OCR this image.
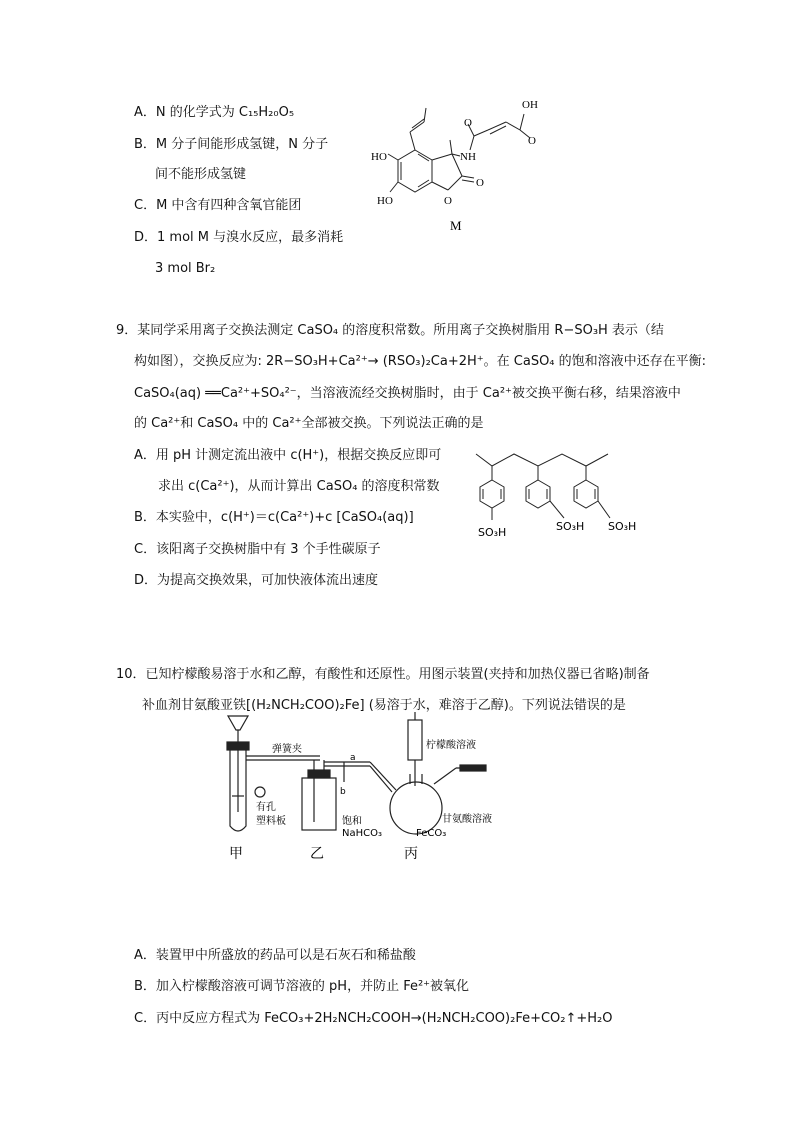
A．N 的化学式为 C₁₅H₂₀O₅
B．M 分子间能形成氢键，N 分子
间不能形成氢键
C．M 中含有四种含氧官能团
D．1 mol M 与溴水反应，最多消耗
3 mol Br₂
OH
O
O
NH
O
O
HO
HO
M
9．某同学采用离子交换法测定 CaSO₄ 的溶度积常数。所用离子交换树脂用 R−SO₃H 表示（结
构如图），交换反应为: 2R−SO₃H+Ca²⁺→ (RSO₃)₂Ca+2H⁺。在 CaSO₄ 的饱和溶液中还存在平衡:
CaSO₄(aq) ══Ca²⁺+SO₄²⁻，当溶液流经交换树脂时，由于 Ca²⁺被交换平衡右移，结果溶液中
的 Ca²⁺和 CaSO₄ 中的 Ca²⁺全部被交换。下列说法正确的是
A．用 pH 计测定流出液中 c(H⁺)，根据交换反应即可
求出 c(Ca²⁺)，从而计算出 CaSO₄ 的溶度积常数
B．本实验中，c(H⁺)＝c(Ca²⁺)+c [CaSO₄(aq)]
C．该阳离子交换树脂中有 3 个手性碳原子
D．为提高交换效果，可加快液体流出速度
SO₃H	SO₃H SO₃H
10．已知柠檬酸易溶于水和乙醇，有酸性和还原性。用图示装置(夹持和加热仪器已省略)制备
补血剂甘氨酸亚铁[(H₂NCH₂COO)₂Fe] (易溶于水，难溶于乙醇)。下列说法错误的是
弹簧夹	柠檬酸溶液
有孔
塑料板	饱和
NaHCO₃
甘氨酸溶液
FeCO₃
a
b
甲	乙	丙
A．装置甲中所盛放的药品可以是石灰石和稀盐酸
B．加入柠檬酸溶液可调节溶液的 pH，并防止 Fe²⁺被氧化
C．丙中反应方程式为 FeCO₃+2H₂NCH₂COOH→(H₂NCH₂COO)₂Fe+CO₂↑+H₂O
